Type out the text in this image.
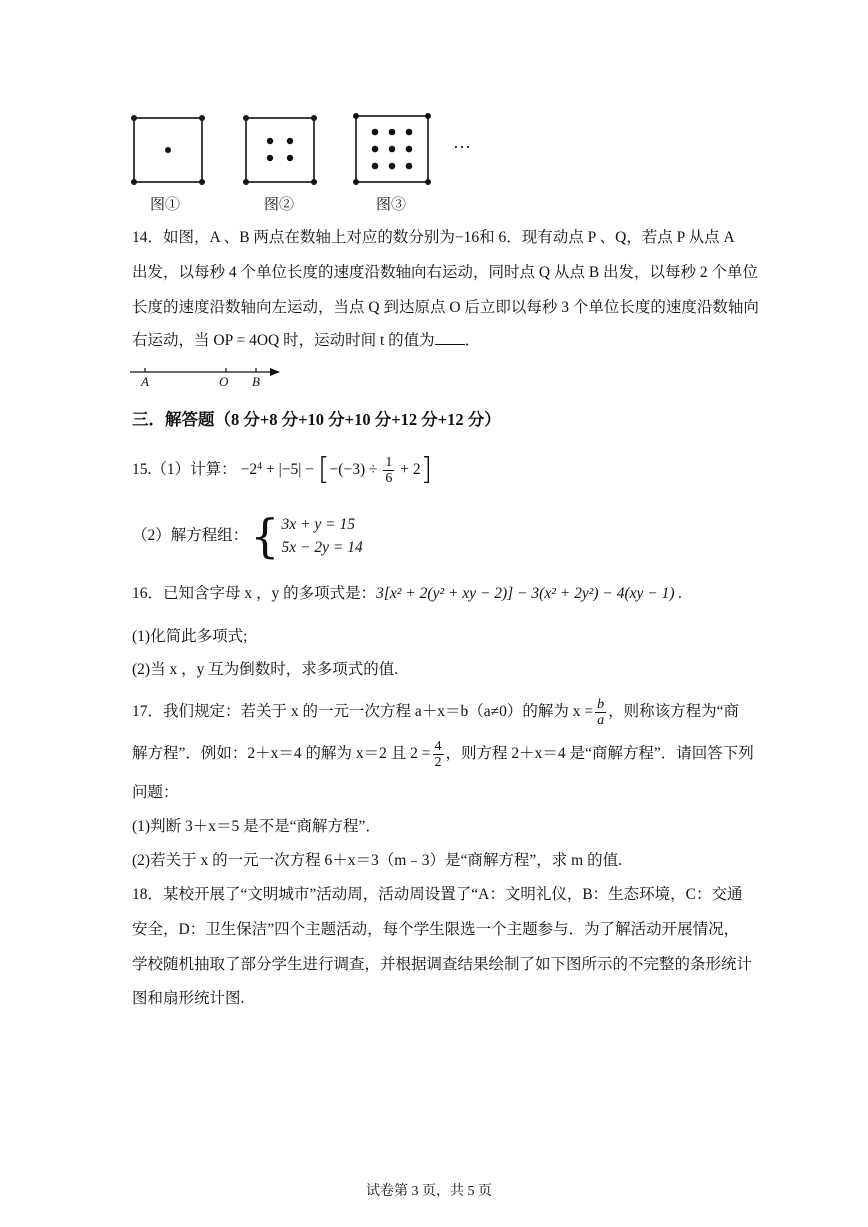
…
图①	图②	图③
14．如图，A 、B 两点在数轴上对应的数分别为−16和 6．现有动点 P 、Q，若点 P 从点 A
出发，以每秒 4 个单位长度的速度沿数轴向右运动，同时点 Q 从点 B 出发，以每秒 2 个单位
长度的速度沿数轴向左运动，当点 Q 到达原点 O 后立即以每秒 3 个单位长度的速度沿数轴向
右运动，当 OP = 4OQ 时，运动时间 t 的值为 ．
A	O B
三．解答题（8 分+8 分+10 分+10 分+12 分+12 分）
15.（1）计算： −2 4 + |−5| − [ $-(-3) \div \frac{1}{6} + 2$ ]
（2）解方程组： { 3x + y = 15
5x − 2y = 14
16．已知含字母 x ，y 的多项式是：3[x² + 2(y² + xy − 2)] − 3(x² + 2y²) − 4(xy − 1) .
(1)化简此多项式;
(2)当 x ，y 互为倒数时，求多项式的值.
17．我们规定：若关于 x 的一元一次方程 a＋x＝b（a≠0）的解为 $x = \frac{b}{a}$ ，则称该方程为“商
解方程”．例如：2＋x＝4 的解为 x＝2 且 $2 = \frac{4}{2}$ ，则方程 2＋x＝4 是“商解方程”．请回答下列
问题：
(1)判断 3＋x＝5 是不是“商解方程”．
(2)若关于 x 的一元一次方程 6＋x＝3（m﹣3）是“商解方程”，求 m 的值.
18．某校开展了“文明城市”活动周，活动周设置了“A：文明礼仪，B：生态环境，C：交通
安全，D：卫生保洁”四个主题活动，每个学生限选一个主题参与．为了解活动开展情况，
学校随机抽取了部分学生进行调查，并根据调查结果绘制了如下图所示的不完整的条形统计
图和扇形统计图.
试卷第 3 页，共 5 页
